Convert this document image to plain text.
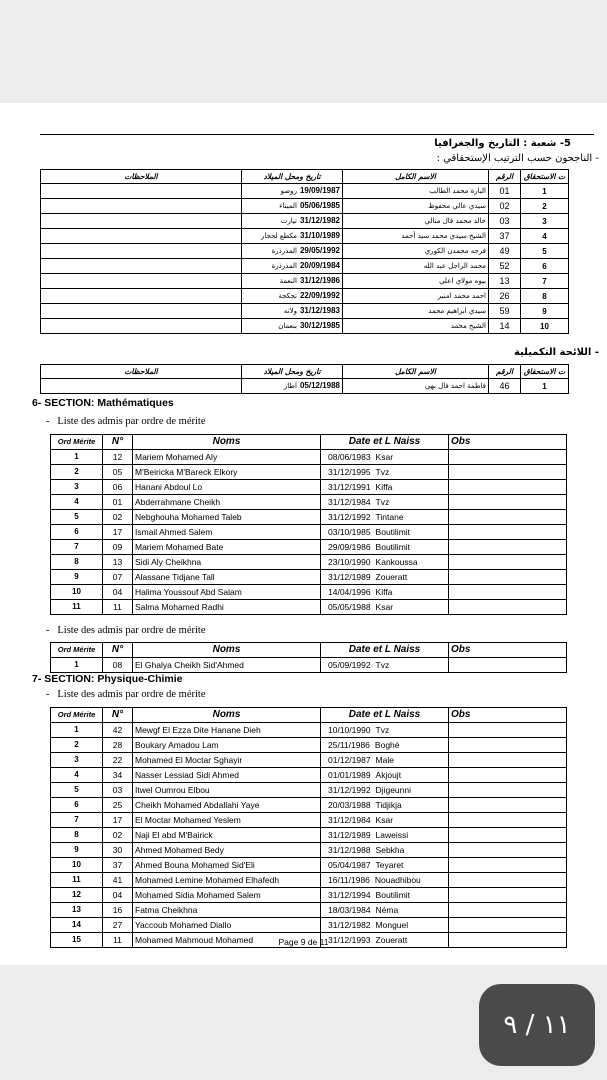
5- شعبة : التاريخ والجغرافيا
- الناجحون حسب الترتيب الإستحقاقي :
ت الاستحقاق	الرقم	الاسم الكامل	تاريخ ومحل الميلاد	الملاحظات
1	01	البارة محمد الطالب	19/09/1987روصو	
2	02	سيدي عالي محفوظ	05/06/1985الميناء	
3	03	خالد محمد فال منالي	31/12/1982تيارت	
4	37	الشيخ سيدي محمد سيد أحمد	31/10/1989مكطع لحجار	
5	49	فرجه محمدن الكوري	29/05/1992المذرذرة	
6	52	محمد الراجل عبد الله	20/09/1984المذرذرة	
7	13	بيوه مولاي اعلي	31/12/1986النعمة	
8	26	احمد محمد امنير	22/09/1992تجكجة	
9	59	سيدي ابراهيم محمد	31/12/1983ولاته	
10	14	الشيخ محمد	30/12/1985بنعمان	
- اللائحة التكميلية
ت الاستحقاق	الرقم	الاسم الكامل	تاريخ ومحل الميلاد	الملاحظات
1	46	فاطمة احمد فال بهي	05/12/1988اطار	
6- SECTION: Mathématiques
- Liste des admis par ordre de mérite
Ord Mérite	N°	Noms	Date et L Naiss	Obs
1	12	Mariem Mohamed Aly	08/06/1983 Ksar	
2	05	M'Beiricka M'Bareck Elkory	31/12/1995 Tvz	
3	06	Hanani Abdoul Lo	31/12/1991 Kiffa	
4	01	Abderrahmane Cheikh	31/12/1984 Tvz	
5	02	Nebghouha Mohamed Taleb	31/12/1992 Tintane	
6	17	Ismail Ahmed Salem	03/10/1985 Boutilimit	
7	09	Mariem Mohamed Bate	29/09/1986 Boutilimit	
8	13	Sidi Aly Cheikhna	23/10/1990 Kankoussa	
9	07	Alassane Tidjane Tall	31/12/1989 Zoueratt	
10	04	Halima Youssouf Abd Salam	14/04/1996 Kiffa	
11	11	Salma Mohamed Radhi	05/05/1988 Ksar	
- Liste des admis par ordre de mérite
Ord Mérite	N°	Noms	Date et L Naiss	Obs
1	08	El Ghalya Cheikh Sid'Ahmed	05/09/1992 Tvz	
7- SECTION: Physique-Chimie
- Liste des admis par ordre de mérite
Ord Mérite	N°	Noms	Date et L Naiss	Obs
1	42	Mewgf El Ezza Dite Hanane Dieh	10/10/1990 Tvz	
2	28	Boukary Amadou Lam	25/11/1986 Boghé	
3	22	Mohamed El Moctar Sghayir	01/12/1987 Male	
4	34	Nasser Lessiad Sidi Ahmed	01/01/1989 Akjoujt	
5	03	Itwel Oumrou Elbou	31/12/1992 Djigeunni	
6	25	Cheikh Mohamed Abdallahi Yaye	20/03/1988 Tidjikja	
7	17	El Moctar Mohamed Yeslem	31/12/1984 Ksar	
8	02	Naji El abd M'Bairick	31/12/1989 Laweissi	
9	30	Ahmed Mohamed Bedy	31/12/1988 Sebkha	
10	37	Ahmed Bouna Mohamed Sid'Eli	05/04/1987 Teyaret	
11	41	Mohamed Lemine Mohamed Elhafedh	16/11/1986 Nouadhibou	
12	04	Mohamed Sidia Mohamed Salem	31/12/1994 Boutilimit	
13	16	Fatma Cheikhna	18/03/1984 Néma	
14	27	Yaccoub Mohamed Diallo	31/12/1982 Monguel	
15	11	Mohamed Mahmoud Mohamed	31/12/1993 Zoueratt	
Page 9 de 11
١١ / ٩
